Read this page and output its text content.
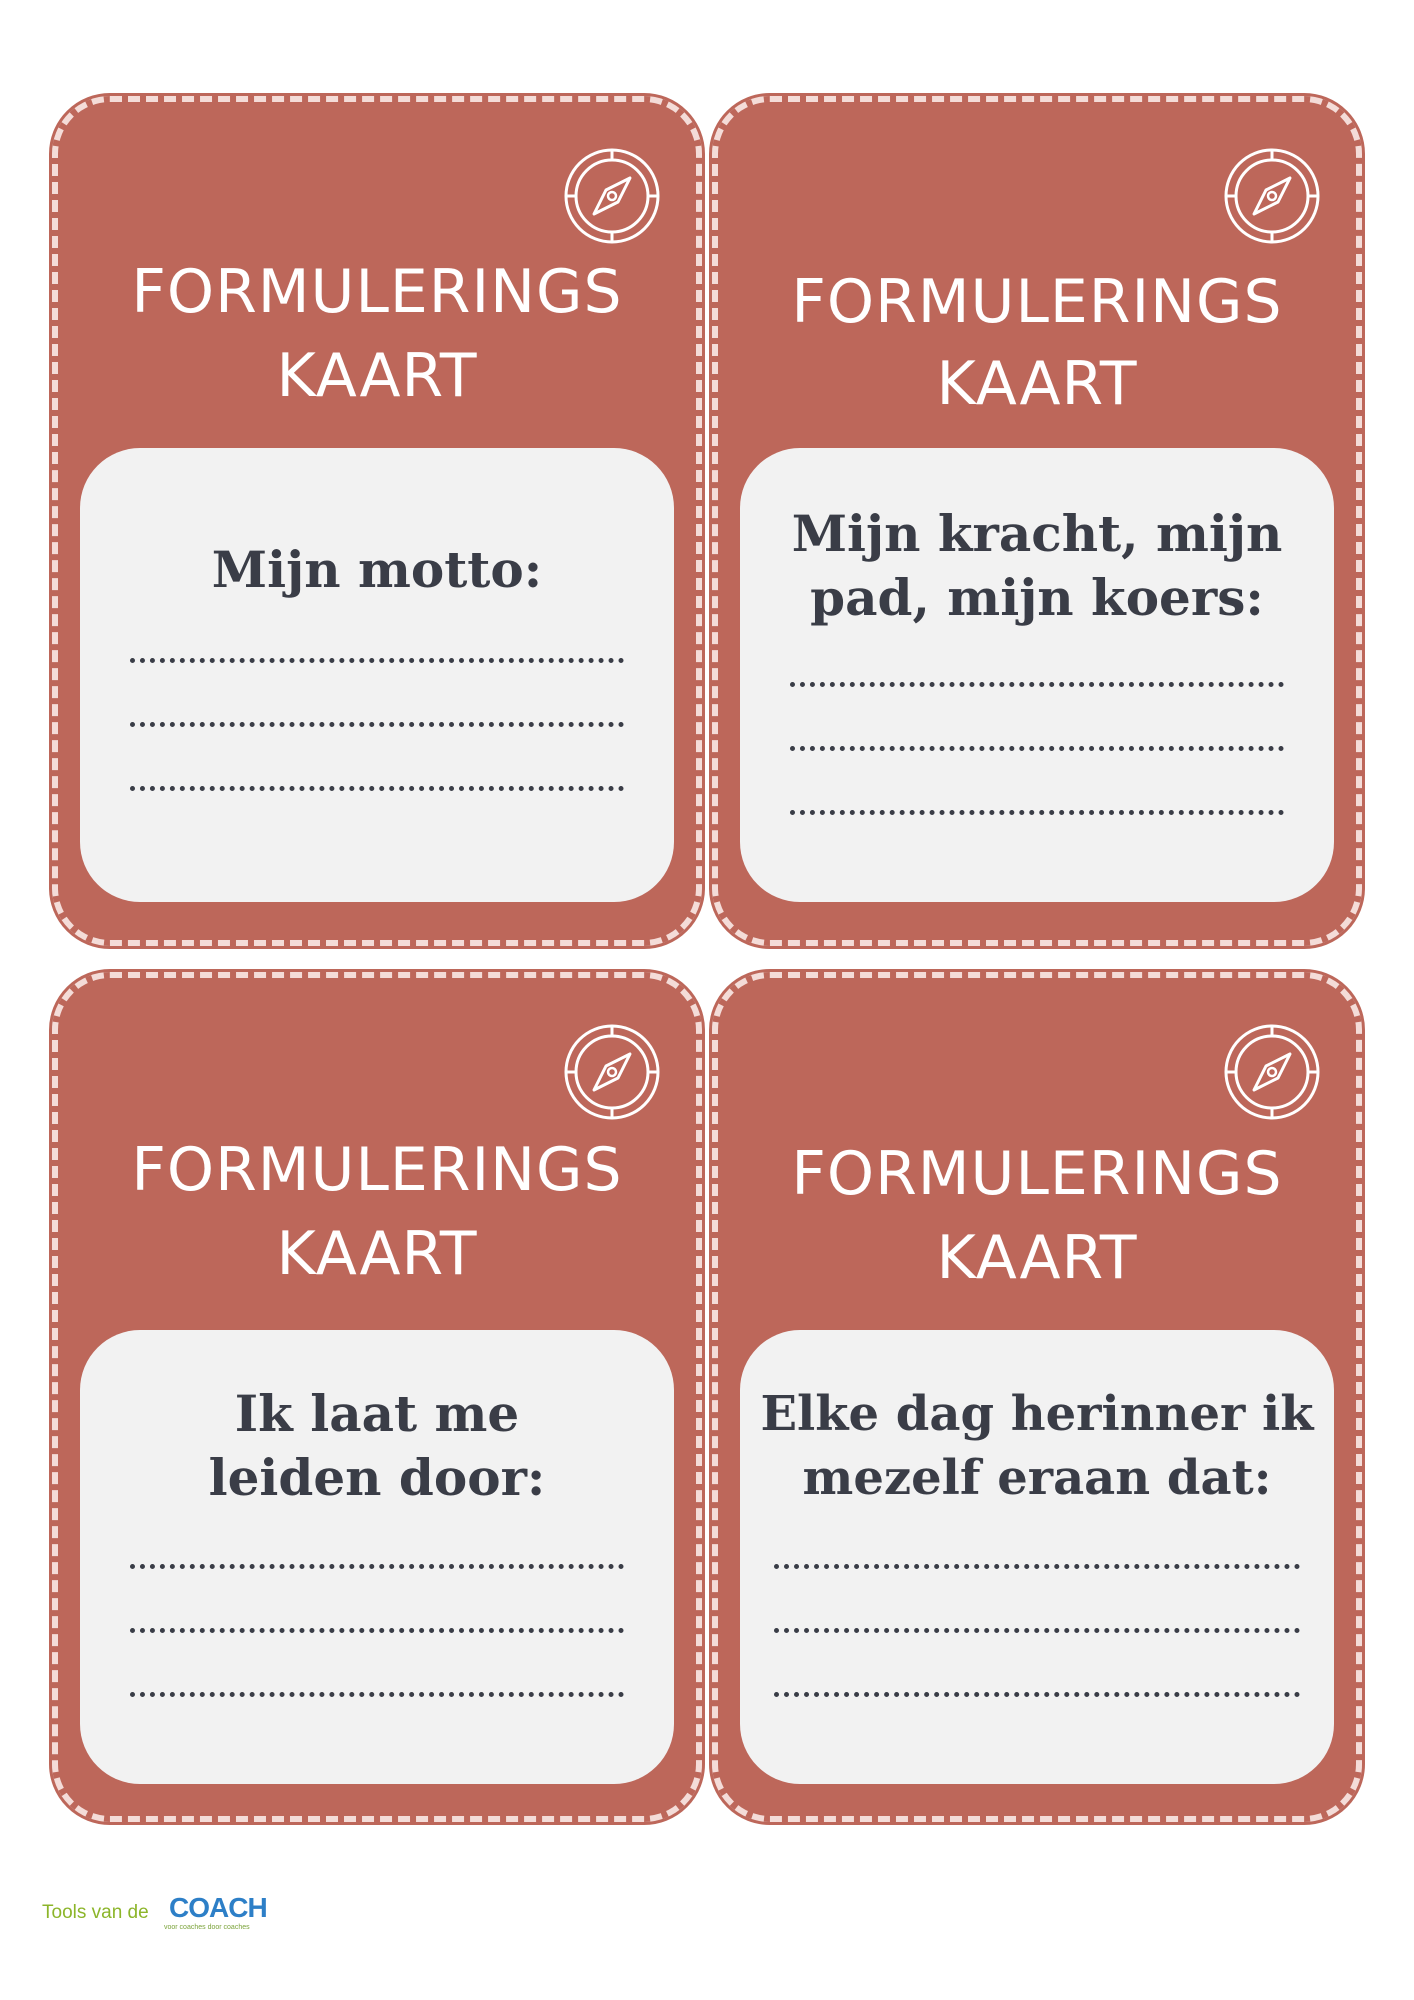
FORMULERINGS
KAART
Mijn motto:
FORMULERINGS
KAART
Mijn kracht, mijn pad, mijn koers:
FORMULERINGS
KAART
Ik laat me leiden door:
FORMULERINGS
KAART
Elke dag herinner ik mezelf eraan dat:
Tools van de COACH
voor coaches door coaches
